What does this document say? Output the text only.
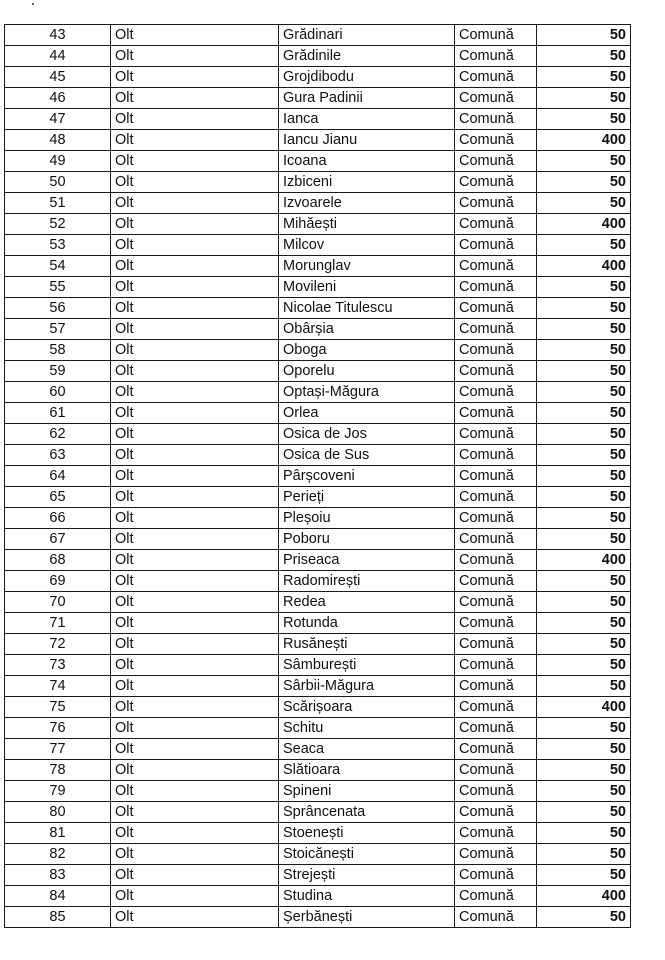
43	Olt	Grădinari	Comună	50
44	Olt	Grădinile	Comună	50
45	Olt	Grojdibodu	Comună	50
46	Olt	Gura Padinii	Comună	50
47	Olt	Ianca	Comună	50
48	Olt	Iancu Jianu	Comună	400
49	Olt	Icoana	Comună	50
50	Olt	Izbiceni	Comună	50
51	Olt	Izvoarele	Comună	50
52	Olt	Mihăești	Comună	400
53	Olt	Milcov	Comună	50
54	Olt	Morunglav	Comună	400
55	Olt	Movileni	Comună	50
56	Olt	Nicolae Titulescu	Comună	50
57	Olt	Obârșia	Comună	50
58	Olt	Oboga	Comună	50
59	Olt	Oporelu	Comună	50
60	Olt	Optași-Măgura	Comună	50
61	Olt	Orlea	Comună	50
62	Olt	Osica de Jos	Comună	50
63	Olt	Osica de Sus	Comună	50
64	Olt	Pârșcoveni	Comună	50
65	Olt	Perieți	Comună	50
66	Olt	Pleșoiu	Comună	50
67	Olt	Poboru	Comună	50
68	Olt	Priseaca	Comună	400
69	Olt	Radomirești	Comună	50
70	Olt	Redea	Comună	50
71	Olt	Rotunda	Comună	50
72	Olt	Rusănești	Comună	50
73	Olt	Sâmburești	Comună	50
74	Olt	Sârbii-Măgura	Comună	50
75	Olt	Scărișoara	Comună	400
76	Olt	Schitu	Comună	50
77	Olt	Seaca	Comună	50
78	Olt	Slătioara	Comună	50
79	Olt	Spineni	Comună	50
80	Olt	Sprâncenata	Comună	50
81	Olt	Stoenești	Comună	50
82	Olt	Stoicănești	Comună	50
83	Olt	Strejești	Comună	50
84	Olt	Studina	Comună	400
85	Olt	Șerbănești	Comună	50
